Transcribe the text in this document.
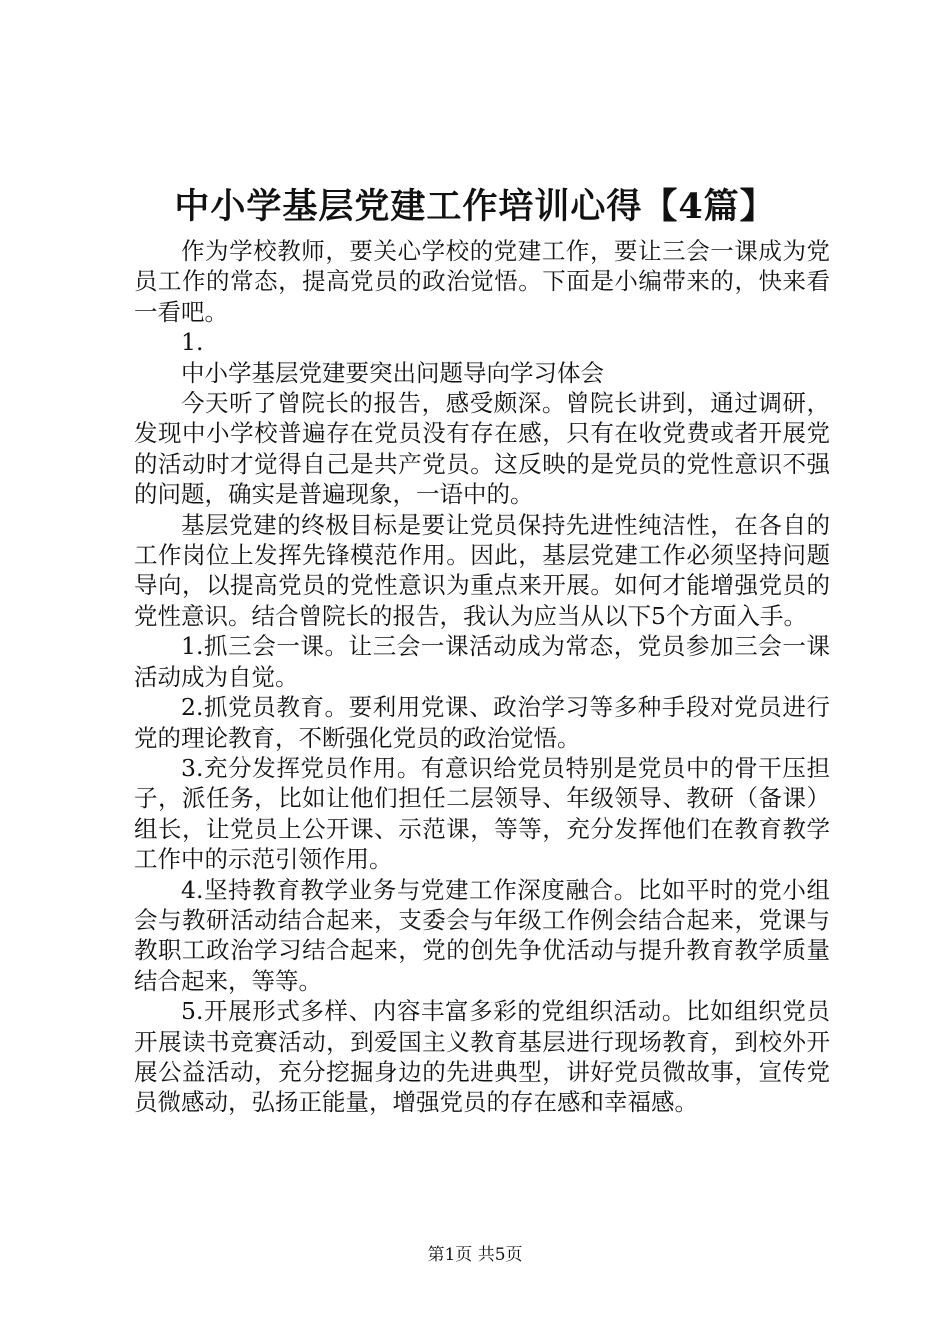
中小学基层党建工作培训心得【4篇】

作为学校教师，要关心学校的党建工作，要让三会一课成为党员工作的常态，提高党员的政治觉悟。下面是小编带来的，快来看一看吧。

1.

中小学基层党建要突出问题导向学习体会

今天听了曾院长的报告，感受颇深。曾院长讲到，通过调研，发现中小学校普遍存在党员没有存在感，只有在收党费或者开展党的活动时才觉得自己是共产党员。这反映的是党员的党性意识不强的问题，确实是普遍现象，一语中的。

基层党建的终极目标是要让党员保持先进性纯洁性，在各自的工作岗位上发挥先锋模范作用。因此，基层党建工作必须坚持问题导向，以提高党员的党性意识为重点来开展。如何才能增强党员的党性意识。结合曾院长的报告，我认为应当从以下5个方面入手。

1.抓三会一课。让三会一课活动成为常态，党员参加三会一课活动成为自觉。

2.抓党员教育。要利用党课、政治学习等多种手段对党员进行党的理论教育，不断强化党员的政治觉悟。

3.充分发挥党员作用。有意识给党员特别是党员中的骨干压担子，派任务，比如让他们担任二层领导、年级领导、教研（备课）组长，让党员上公开课、示范课，等等，充分发挥他们在教育教学工作中的示范引领作用。

4.坚持教育教学业务与党建工作深度融合。比如平时的党小组会与教研活动结合起来，支委会与年级工作例会结合起来，党课与教职工政治学习结合起来，党的创先争优活动与提升教育教学质量结合起来，等等。

5.开展形式多样、内容丰富多彩的党组织活动。比如组织党员开展读书竞赛活动，到爱国主义教育基层进行现场教育，到校外开展公益活动，充分挖掘身边的先进典型，讲好党员微故事，宣传党员微感动，弘扬正能量，增强党员的存在感和幸福感。

第1页 共5页
